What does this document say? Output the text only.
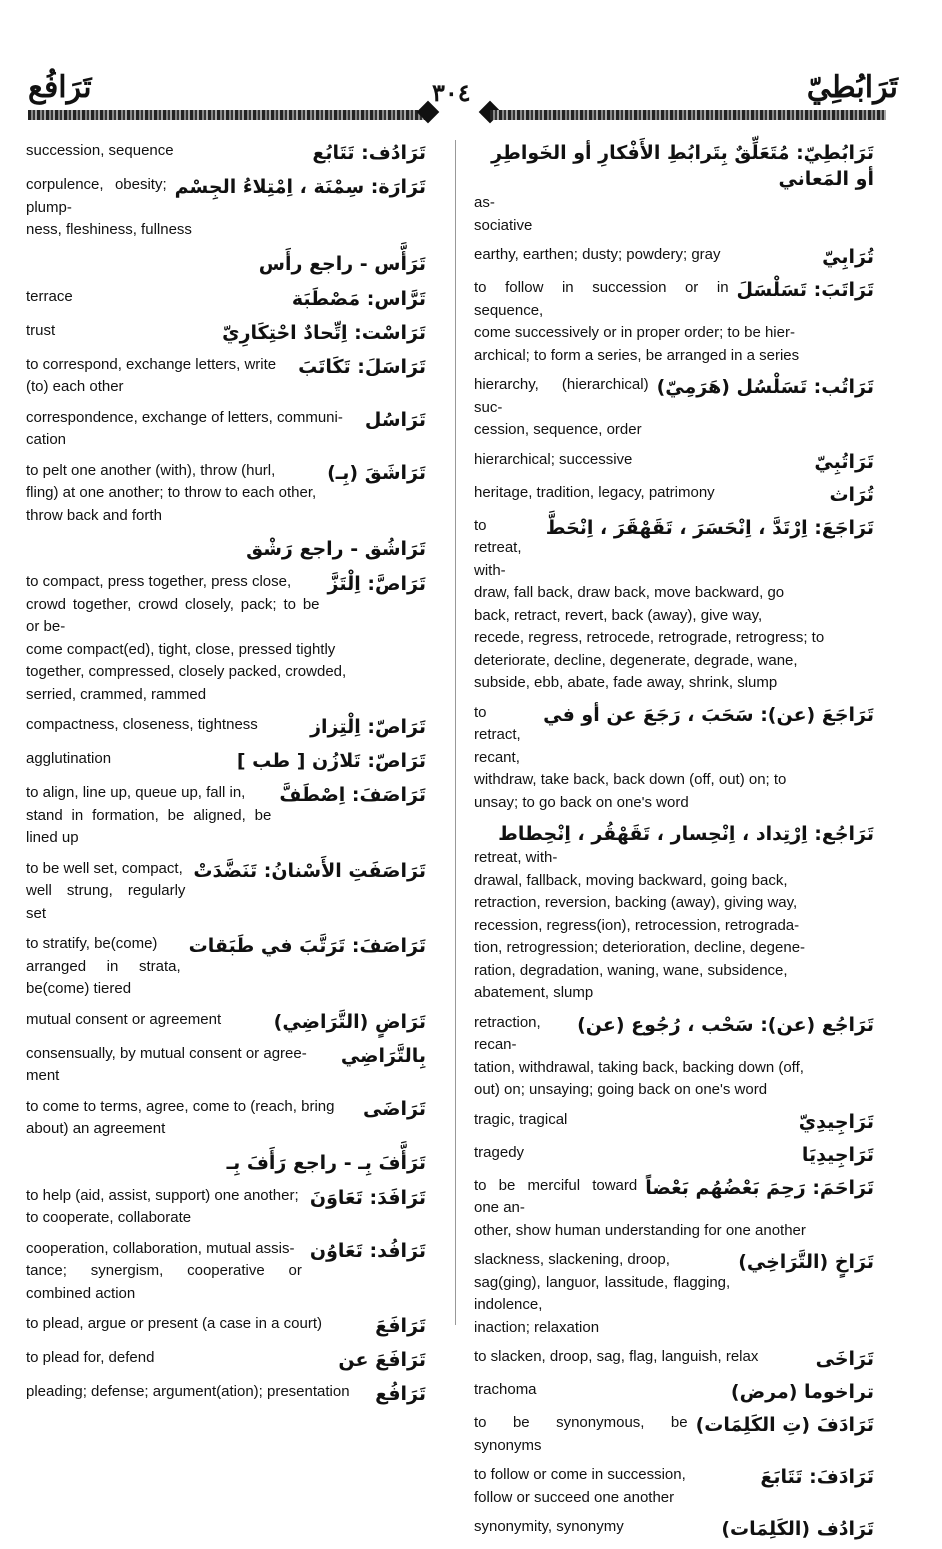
تَرَافُع	٣٠٤	تَرَابُطِيّ
تَرَادُف: تَتَابُع
succession, sequence
تَرَارَة: سِمْنَة ، اِمْتِلاءُ الجِسْم
corpulence, obesity; plump-
ness, fleshiness, fullness
تَرَأَّس - راجع رأَس
تَرَّاس: مَصْطَبَة
terrace
تَرَاسْت: اِتِّحادٌ احْتِكَارِيّ
trust
تَرَاسَلَ: تَكَاتَبَ
to correspond, exchange letters, write
(to) each other
تَرَاسُل
correspondence, exchange of letters, communi-
cation
تَرَاشَقَ (بِـ)
to pelt one another (with), throw (hurl,
fling) at one another; to throw to each other,
throw back and forth
تَرَاشُق - راجع رَشْق
تَرَاصَّ: اِلْتَزَّ
to compact, press together, press close,
crowd together, crowd closely, pack; to be or be-
come compact(ed), tight, close, pressed tightly
together, compressed, closely packed, crowded,
serried, crammed, rammed
تَرَاصّ: اِلْتِزاز
compactness, closeness, tightness
تَرَاصّ: تَلازُن [ طب ]
agglutination
تَرَاصَفَ: اِصْطَفَّ
to align, line up, queue up, fall in,
stand in formation, be aligned, be lined up
تَرَاصَفَتِ الأَسْنانُ: تَنَضَّدَتْ
to be well set, compact,
well strung, regularly set
تَرَاصَفَ: تَرَتَّبَ في طَبَقات
to stratify, be(come)
arranged in strata, be(come) tiered
تَرَاضٍ (التَّرَاضِي)
mutual consent or agreement
بِالتَّرَاضِي
consensually, by mutual consent or agree-
ment
تَرَاضَى
to come to terms, agree, come to (reach, bring
about) an agreement
تَرَأَّفَ بِـ - راجع رَأَفَ بِـ
تَرَافَدَ: تَعَاوَنَ
to help (aid, assist, support) one another;
to cooperate, collaborate
تَرَافُد: تَعَاوُن
cooperation, collaboration, mutual assis-
tance; synergism, cooperative or combined action
تَرَافَعَ
to plead, argue or present (a case in a court)
تَرَافَعَ عن
to plead for, defend
تَرَافُع
pleading; defense; argument(ation); presentation
تَرَابُطِيّ: مُتَعَلِّقٌ بِتَرابُطِ الأَفْكارِ أو الخَواطِرِ أو المَعاني
as-
sociative
تُرَابِيّ
earthy, earthen; dusty; powdery; gray
تَرَاتَبَ: تَسَلْسَلَ
to follow in succession or in sequence,
come successively or in proper order; to be hier-
archical; to form a series, be arranged in a series
تَرَاتُب: تَسَلْسُل (هَرَمِيّ)
hierarchy, (hierarchical) suc-
cession, sequence, order
تَرَاتُبِيّ
hierarchical; successive
تُرَاث
heritage, tradition, legacy, patrimony
تَرَاجَعَ: اِرْتَدَّ ، اِنْحَسَرَ ، تَقَهْقَرَ ، اِنْحَطَّ
to retreat, with-
draw, fall back, draw back, move backward, go
back, retract, revert, back (away), give way,
recede, regress, retrocede, retrograde, retrogress; to
deteriorate, decline, degenerate, degrade, wane,
subside, ebb, abate, fade away, shrink, slump
تَرَاجَعَ (عن): سَحَبَ ، رَجَعَ عن أو في
to retract, recant,
withdraw, take back, back down (off, out) on; to
unsay; to go back on one's word
تَرَاجُع: اِرْتِداد ، اِنْحِسار ، تَقَهْقُر ، اِنْحِطاط
retreat, with-
drawal, fallback, moving backward, going back,
retraction, reversion, backing (away), giving way,
recession, regress(ion), retrocession, retrograda-
tion, retrogression; deterioration, decline, degene-
ration, degradation, waning, wane, subsidence,
abatement, slump
تَرَاجُع (عن): سَحْب ، رُجُوع (عن)
retraction, recan-
tation, withdrawal, taking back, backing down (off,
out) on; unsaying; going back on one's word
تَرَاجِيدِيّ
tragic, tragical
تَرَاجِيدِيَا
tragedy
تَرَاحَمَ: رَحِمَ بَعْضُهُم بَعْضاً
to be merciful toward one an-
other, show human understanding for one another
تَرَاخٍ (التَّرَاخِي)
slackness, slackening, droop,
sag(ging), languor, lassitude, flagging, indolence,
inaction; relaxation
تَرَاخَى
to slacken, droop, sag, flag, languish, relax
تراخوما (مرض)
trachoma
تَرَادَفَ (تِ الكَلِمَات)
to be synonymous, be synonyms
تَرَادَفَ: تَتَابَعَ
to follow or come in succession,
follow or succeed one another
تَرَادُف (الكَلِمَات)
synonymity, synonymy
